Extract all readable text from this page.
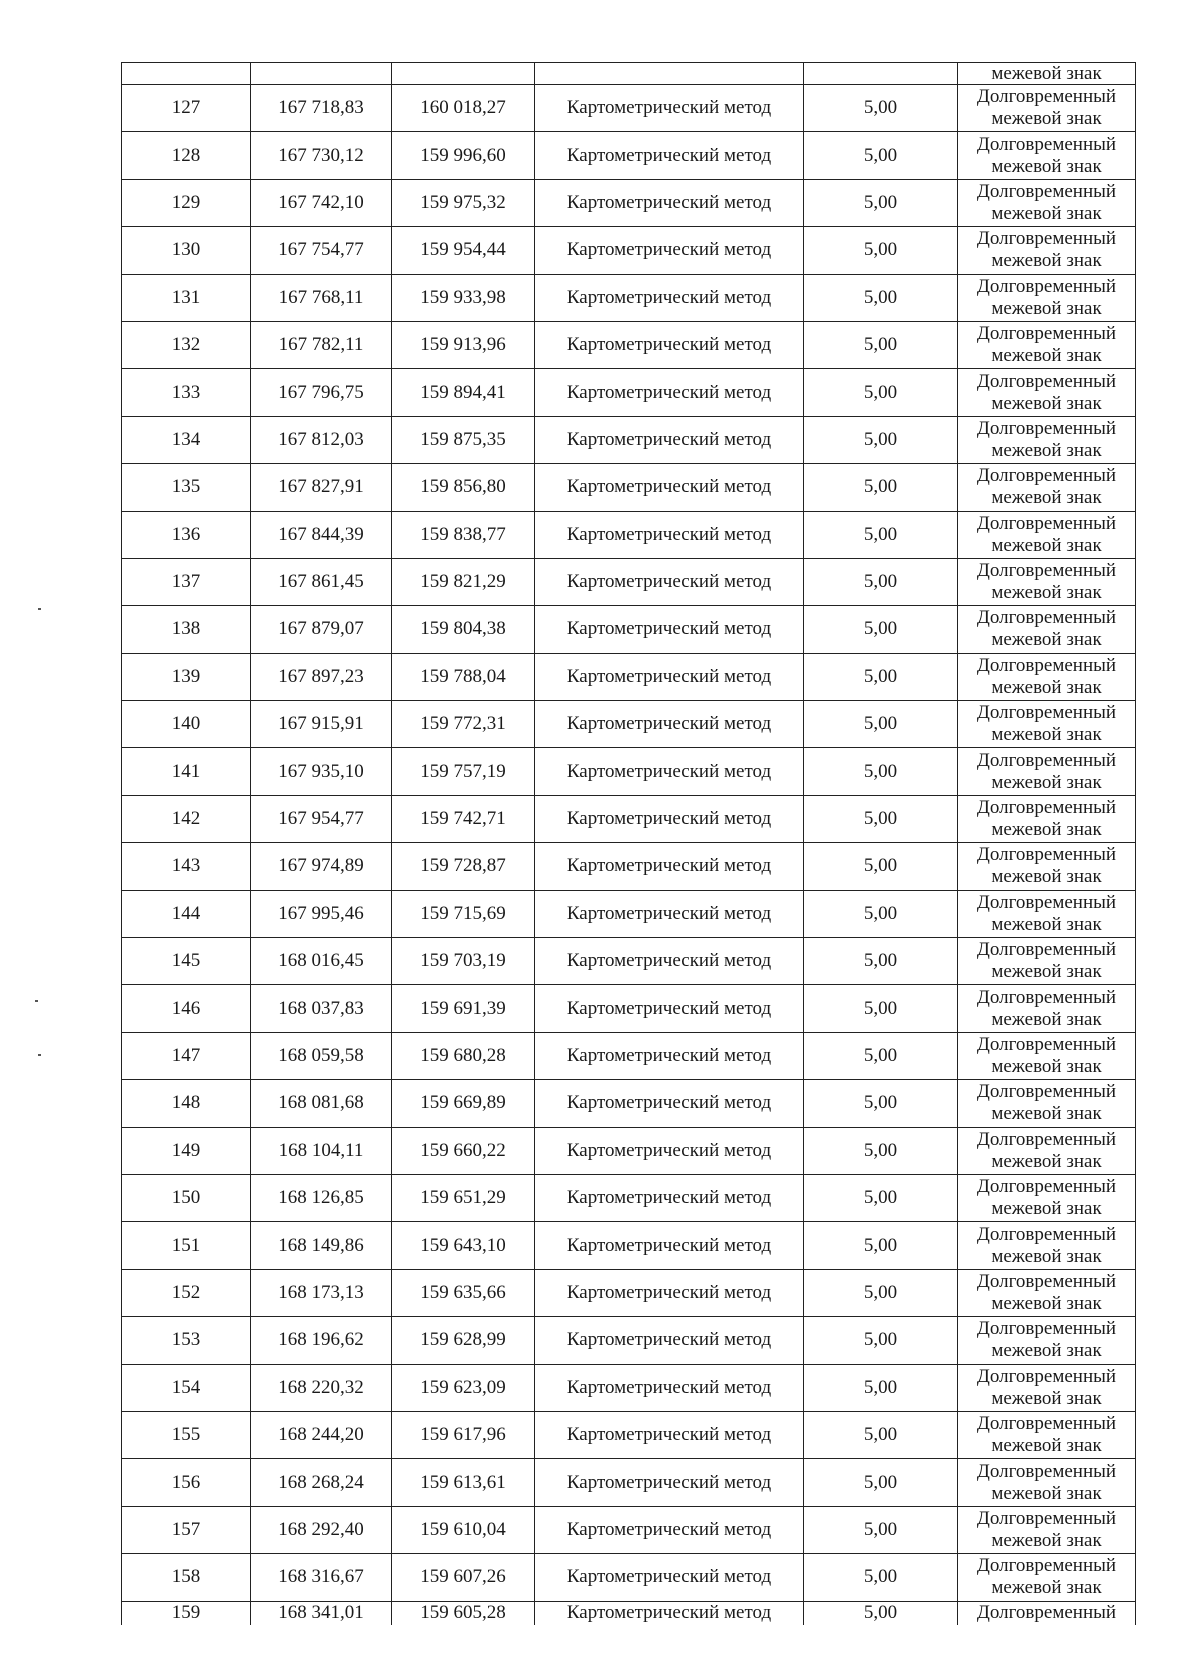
					межевой знак
127	167 718,83	160 018,27	Картометрический метод	5,00	Долговременный
межевой знак

128	167 730,12	159 996,60	Картометрический метод	5,00	Долговременный
межевой знак

129	167 742,10	159 975,32	Картометрический метод	5,00	Долговременный
межевой знак

130	167 754,77	159 954,44	Картометрический метод	5,00	Долговременный
межевой знак

131	167 768,11	159 933,98	Картометрический метод	5,00	Долговременный
межевой знак

132	167 782,11	159 913,96	Картометрический метод	5,00	Долговременный
межевой знак

133	167 796,75	159 894,41	Картометрический метод	5,00	Долговременный
межевой знак

134	167 812,03	159 875,35	Картометрический метод	5,00	Долговременный
межевой знак

135	167 827,91	159 856,80	Картометрический метод	5,00	Долговременный
межевой знак

136	167 844,39	159 838,77	Картометрический метод	5,00	Долговременный
межевой знак

137	167 861,45	159 821,29	Картометрический метод	5,00	Долговременный
межевой знак

138	167 879,07	159 804,38	Картометрический метод	5,00	Долговременный
межевой знак

139	167 897,23	159 788,04	Картометрический метод	5,00	Долговременный
межевой знак

140	167 915,91	159 772,31	Картометрический метод	5,00	Долговременный
межевой знак

141	167 935,10	159 757,19	Картометрический метод	5,00	Долговременный
межевой знак

142	167 954,77	159 742,71	Картометрический метод	5,00	Долговременный
межевой знак

143	167 974,89	159 728,87	Картометрический метод	5,00	Долговременный
межевой знак

144	167 995,46	159 715,69	Картометрический метод	5,00	Долговременный
межевой знак

145	168 016,45	159 703,19	Картометрический метод	5,00	Долговременный
межевой знак

146	168 037,83	159 691,39	Картометрический метод	5,00	Долговременный
межевой знак

147	168 059,58	159 680,28	Картометрический метод	5,00	Долговременный
межевой знак

148	168 081,68	159 669,89	Картометрический метод	5,00	Долговременный
межевой знак

149	168 104,11	159 660,22	Картометрический метод	5,00	Долговременный
межевой знак

150	168 126,85	159 651,29	Картометрический метод	5,00	Долговременный
межевой знак

151	168 149,86	159 643,10	Картометрический метод	5,00	Долговременный
межевой знак

152	168 173,13	159 635,66	Картометрический метод	5,00	Долговременный
межевой знак

153	168 196,62	159 628,99	Картометрический метод	5,00	Долговременный
межевой знак

154	168 220,32	159 623,09	Картометрический метод	5,00	Долговременный
межевой знак

155	168 244,20	159 617,96	Картометрический метод	5,00	Долговременный
межевой знак

156	168 268,24	159 613,61	Картометрический метод	5,00	Долговременный
межевой знак

157	168 292,40	159 610,04	Картометрический метод	5,00	Долговременный
межевой знак

158	168 316,67	159 607,26	Картометрический метод	5,00	Долговременный
межевой знак

159	168 341,01	159 605,28	Картометрический метод	5,00	Долговременный
